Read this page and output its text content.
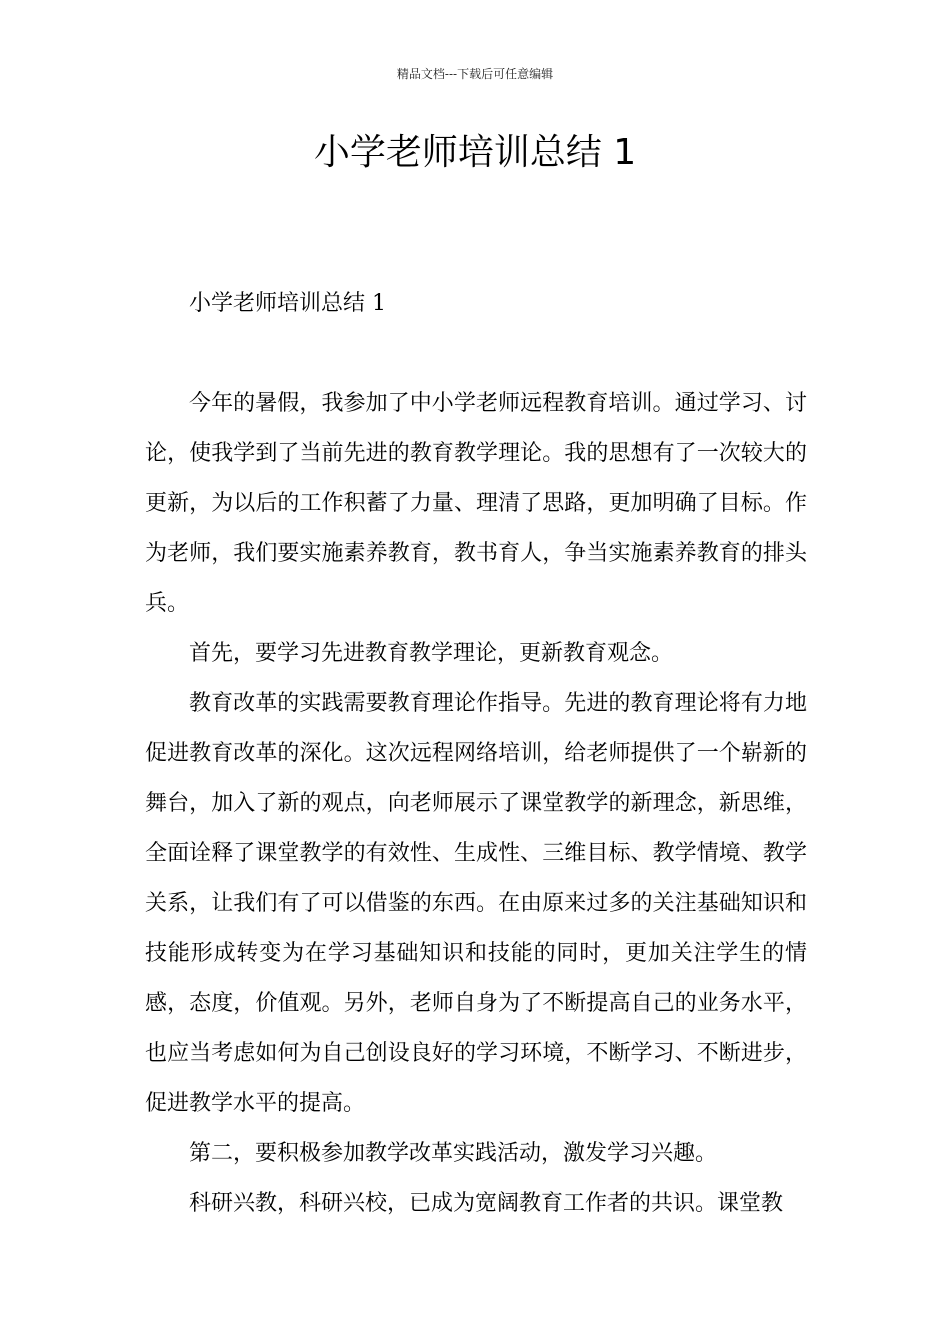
精品文档---下载后可任意编辑
小学老师培训总结 1

小学老师培训总结 1

今年的暑假，我参加了中小学老师远程教育培训。通过学习、讨论，使我学到了当前先进的教育教学理论。我的思想有了一次较大的更新，为以后的工作积蓄了力量、理清了思路，更加明确了目标。作为老师，我们要实施素养教育，教书育人，争当实施素养教育的排头兵。

首先，要学习先进教育教学理论，更新教育观念。

教育改革的实践需要教育理论作指导。先进的教育理论将有力地促进教育改革的深化。这次远程网络培训，给老师提供了一个崭新的舞台，加入了新的观点，向老师展示了课堂教学的新理念，新思维，全面诠释了课堂教学的有效性、生成性、三维目标、教学情境、教学关系，让我们有了可以借鉴的东西。在由原来过多的关注基础知识和技能形成转变为在学习基础知识和技能的同时，更加关注学生的情感，态度，价值观。另外，老师自身为了不断提高自己的业务水平，也应当考虑如何为自己创设良好的学习环境，不断学习、不断进步，促进教学水平的提高。

第二，要积极参加教学改革实践活动，激发学习兴趣。

科研兴教，科研兴校，已成为宽阔教育工作者的共识。课堂教
